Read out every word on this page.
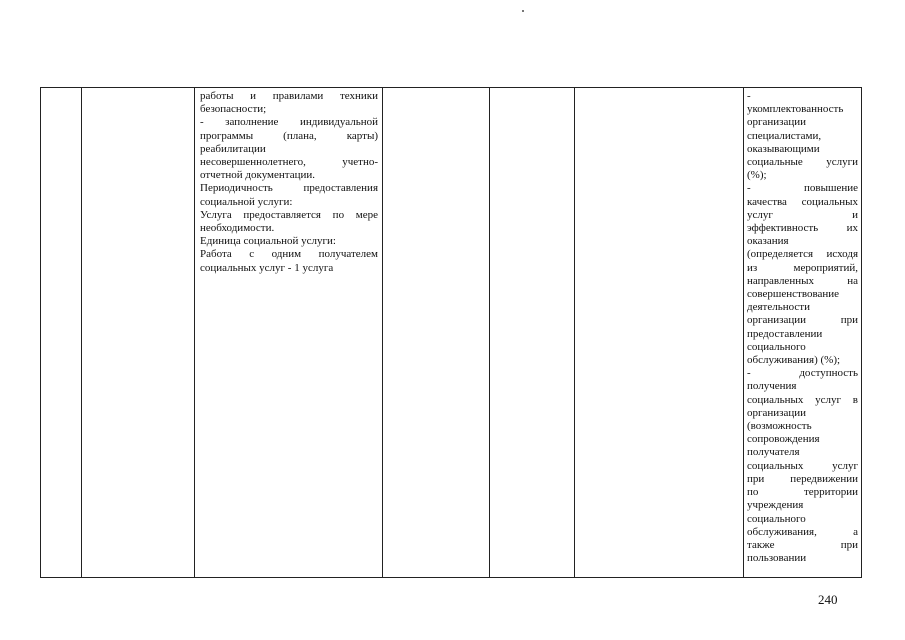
работы и правилами техники

безопасности;

- заполнение индивидуальной

программы (плана, карты)

реабилитации

несовершеннолетнего, учетно-

отчетной документации.

Периодичность предоставления

социальной услуги:

Услуга предоставляется по мере

необходимости.

Единица социальной услуги:

Работа с одним получателем

социальных услуг - 1 услуга

-

укомплектованность

организации

специалистами,

оказывающими

социальные услуги

(%);

- повышение

качества социальных

услуг и

эффективность их

оказания

(определяется исходя

из мероприятий,

направленных на

совершенствование

деятельности

организации при

предоставлении

социального

обслуживания) (%);

- доступность

получения

социальных услуг в

организации

(возможность

сопровождения

получателя

социальных услуг

при передвижении

по территории

учреждения

социального

обслуживания, а

также при

пользовании

240
